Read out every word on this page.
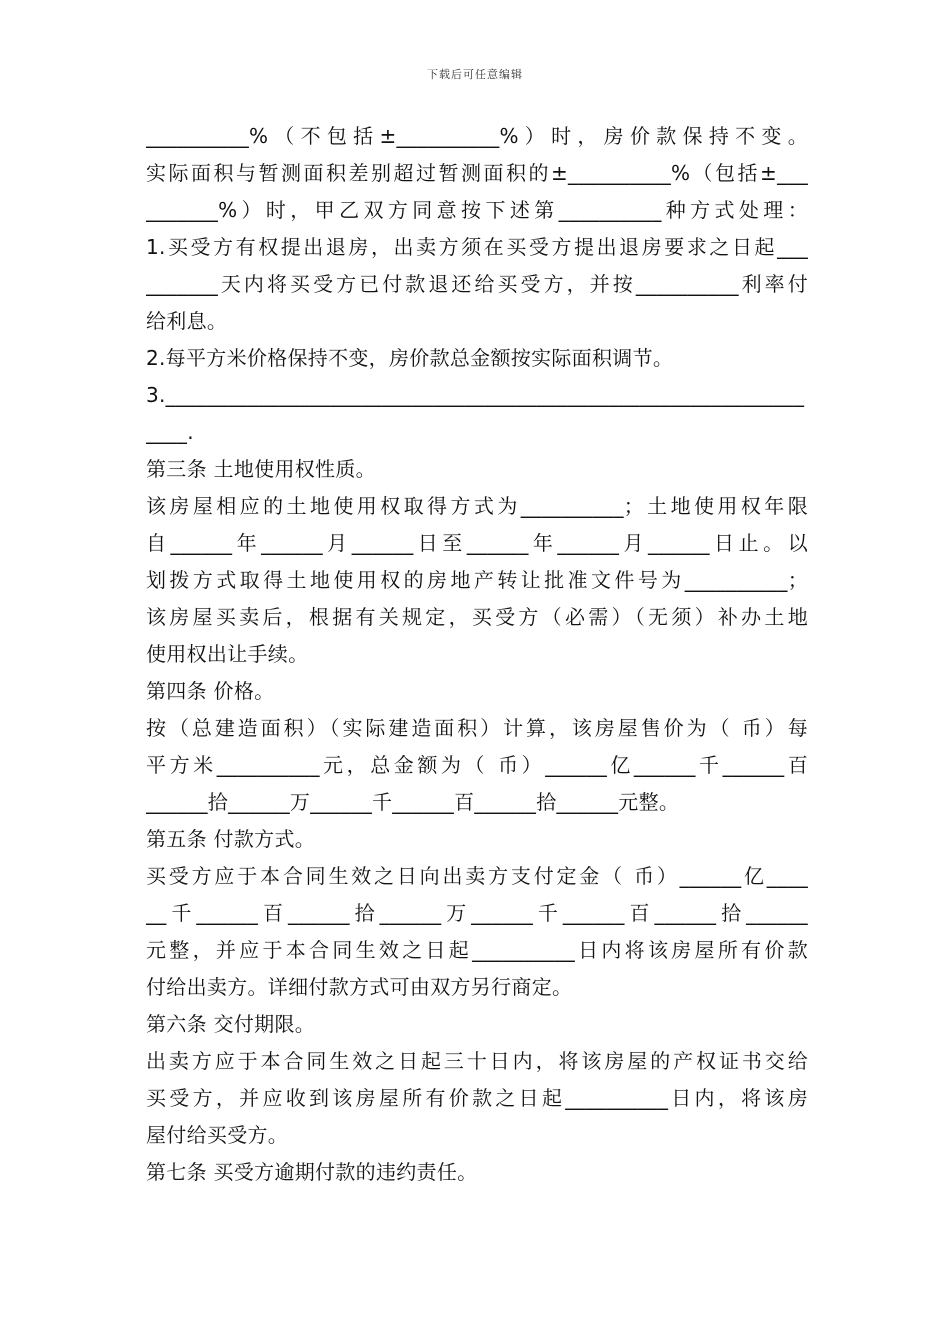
下载后可任意编辑
__________%（不包括±__________%）时，房价款保持不变。
实际面积与暂测面积差别超过暂测面积的±__________%（包括±___
_______%）时，甲乙双方同意按下述第__________种方式处理：
1.买受方有权提出退房，出卖方须在买受方提出退房要求之日起___
_______天内将买受方已付款退还给买受方，并按__________利率付
给利息。
2.每平方米价格保持不变，房价款总金额按实际面积调节。
3.______________________________________________________________
____.
第三条 土地使用权性质。
该房屋相应的土地使用权取得方式为__________；土地使用权年限
自______年______月______日至______年______月______日止。以
划拨方式取得土地使用权的房地产转让批准文件号为__________；
该房屋买卖后，根据有关规定，买受方（必需）（无须）补办土地
使用权出让手续。
第四条 价格。
按（总建造面积）（实际建造面积）计算，该房屋售价为（ 币）每
平方米__________元，总金额为（ 币）______亿______千______百
______拾______万______千______百______拾______元整。
第五条 付款方式。
买受方应于本合同生效之日向出卖方支付定金（ 币）______亿____
__千______百______拾______万______千______百______拾______
元整，并应于本合同生效之日起__________日内将该房屋所有价款
付给出卖方。详细付款方式可由双方另行商定。
第六条 交付期限。
出卖方应于本合同生效之日起三十日内，将该房屋的产权证书交给
买受方，并应收到该房屋所有价款之日起__________日内，将该房
屋付给买受方。
第七条 买受方逾期付款的违约责任。
